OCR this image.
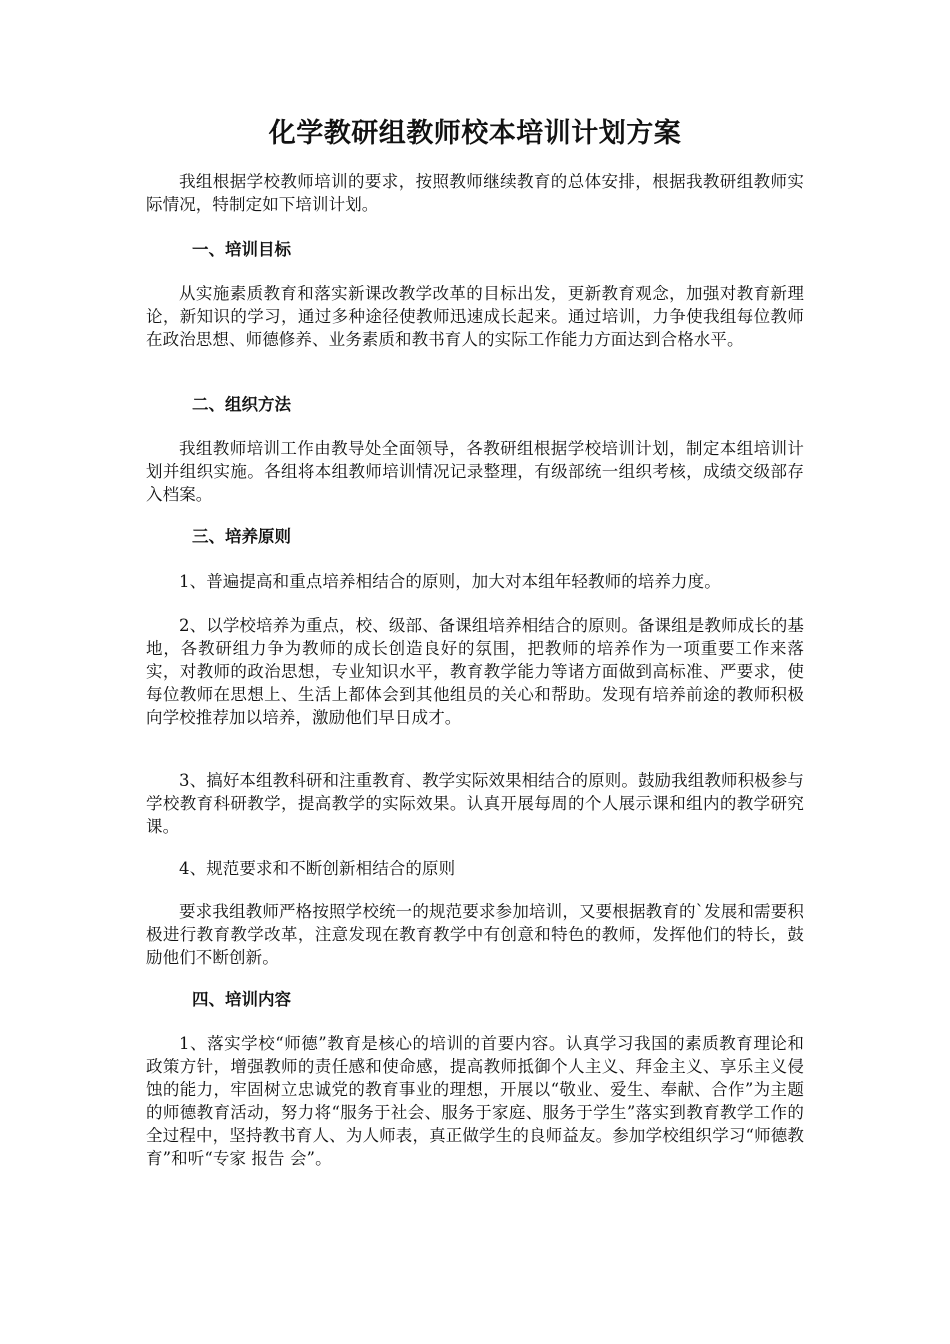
化学教研组教师校本培训计划方案

我组根据学校教师培训的要求，按照教师继续教育的总体安排，根据我教研组教师实际情况，特制定如下培训计划。

一、培训目标

从实施素质教育和落实新课改教学改革的目标出发，更新教育观念，加强对教育新理论，新知识的学习，通过多种途径使教师迅速成长起来。通过培训，力争使我组每位教师在政治思想、师德修养、业务素质和教书育人的实际工作能力方面达到合格水平。

二、组织方法

我组教师培训工作由教导处全面领导，各教研组根据学校培训计划，制定本组培训计划并组织实施。各组将本组教师培训情况记录整理，有级部统一组织考核，成绩交级部存入档案。

三、培养原则

1、普遍提高和重点培养相结合的原则，加大对本组年轻教师的培养力度。

2、以学校培养为重点，校、级部、备课组培养相结合的原则。备课组是教师成长的基地，各教研组力争为教师的成长创造良好的氛围，把教师的培养作为一项重要工作来落实，对教师的政治思想，专业知识水平，教育教学能力等诸方面做到高标准、严要求，使每位教师在思想上、生活上都体会到其他组员的关心和帮助。发现有培养前途的教师积极向学校推荐加以培养，激励他们早日成才。

3、搞好本组教科研和注重教育、教学实际效果相结合的原则。鼓励我组教师积极参与学校教育科研教学，提高教学的实际效果。认真开展每周的个人展示课和组内的教学研究课。

4、规范要求和不断创新相结合的原则

要求我组教师严格按照学校统一的规范要求参加培训，又要根据教育的`发展和需要积极进行教育教学改革，注意发现在教育教学中有创意和特色的教师，发挥他们的特长，鼓励他们不断创新。

四、培训内容

1、落实学校“师德”教育是核心的培训的首要内容。认真学习我国的素质教育理论和政策方针，增强教师的责任感和使命感，提高教师抵御个人主义、拜金主义、享乐主义侵蚀的能力，牢固树立忠诚党的教育事业的理想，开展以“敬业、爱生、奉献、合作”为主题的师德教育活动，努力将“服务于社会、服务于家庭、服务于学生”落实到教育教学工作的全过程中，坚持教书育人、为人师表，真正做学生的良师益友。参加学校组织学习“师德教育”和听“专家 报告 会”。
